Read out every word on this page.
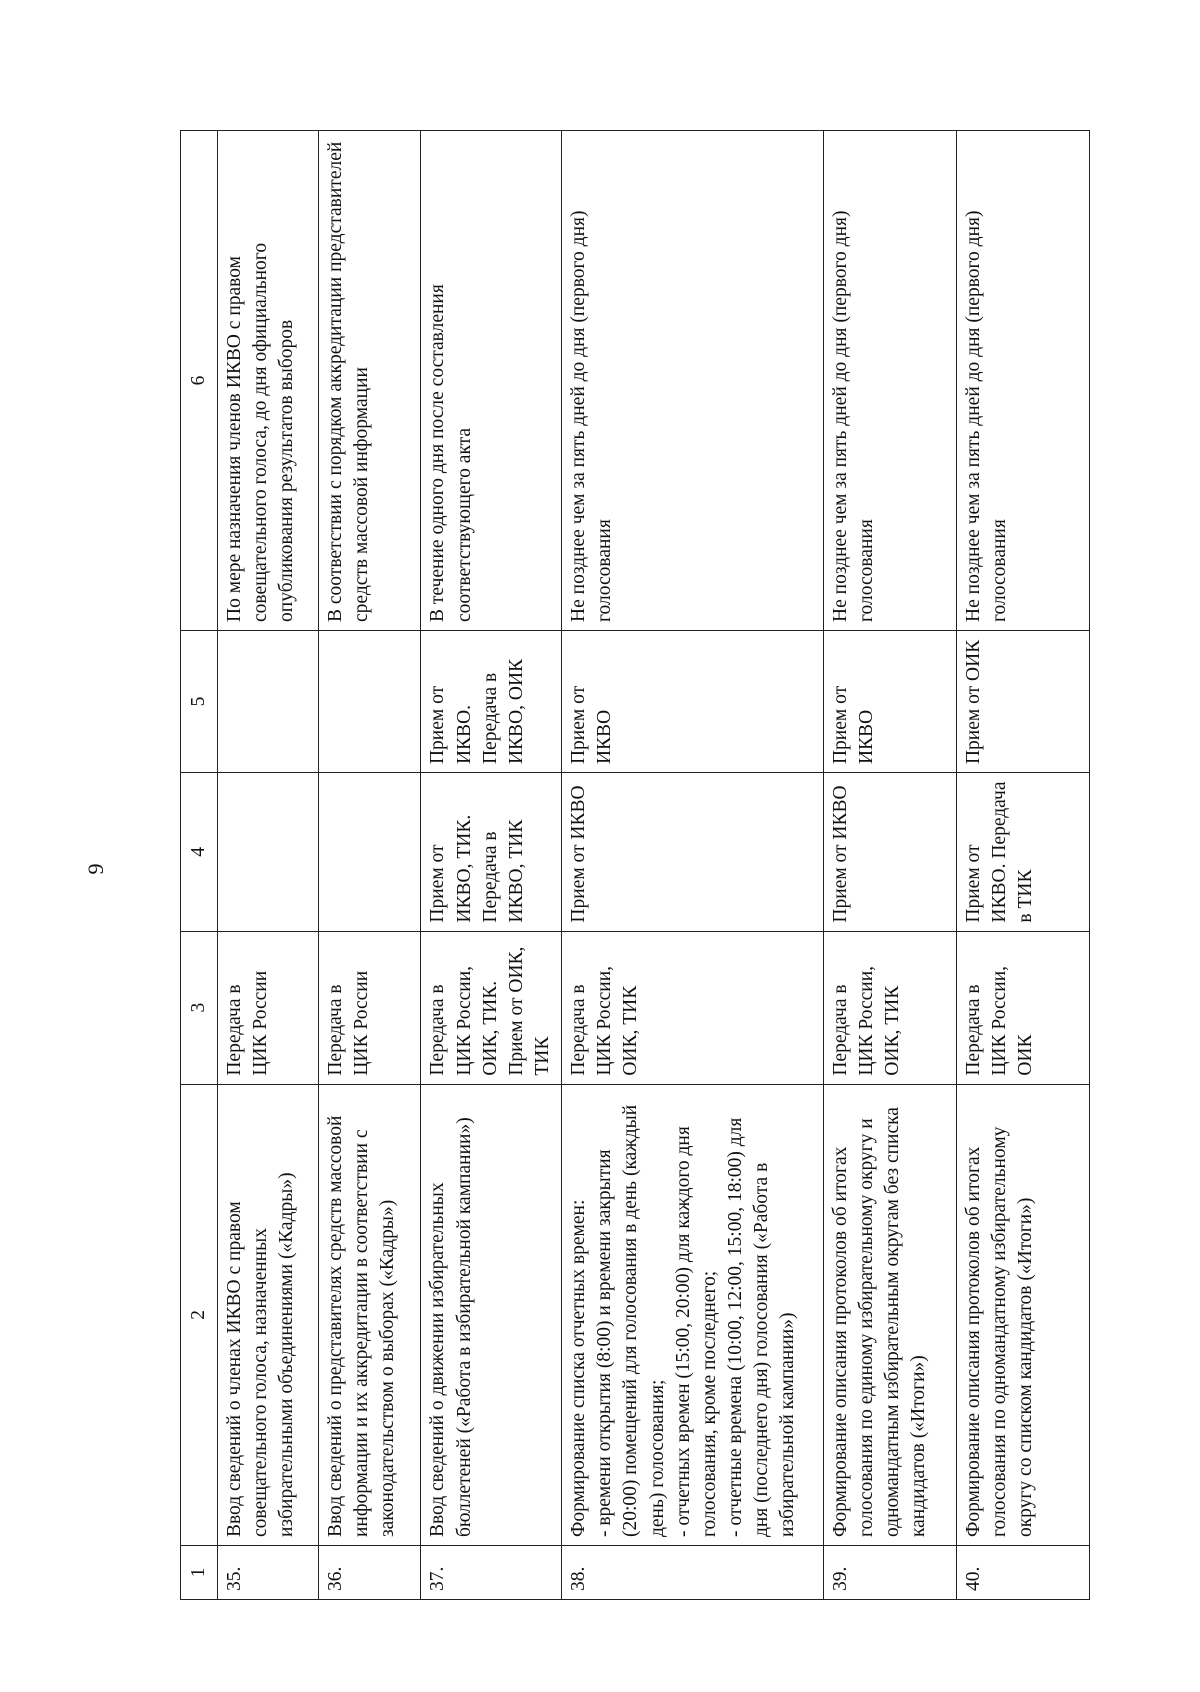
9
1	2	3	4	5	6
35.	Ввод сведений о членах ИКВО с правом совещательного голоса, назначенных избирательными объединениями («Кадры»)	Передача в ЦИК России			По мере назначения членов ИКВО с правом совещательного голоса, до дня официального опубликования результатов выборов
36.	Ввод сведений о представителях средств массовой информации и их аккредитации в соответствии с законодательством о выборах («Кадры»)	Передача в ЦИК России			В соответствии с порядком аккредитации представителей средств массовой информации
37.	Ввод сведений о движении избирательных бюллетеней («Работа в избирательной кампании»)	Передача в ЦИК России, ОИК, ТИК. Прием от ОИК, ТИК	Прием от ИКВО, ТИК. Передача в ИКВО, ТИК	Прием от ИКВО. Передача в ИКВО, ОИК	В течение одного дня после составления соответствующего акта
38.	Формирование списка отчетных времен:
- времени открытия (8:00) и времени закрытия (20:00) помещений для голосования в день (каждый день) голосования;
- отчетных времен (15:00, 20:00) для каждого дня голосования, кроме последнего;
- отчетные времена (10:00, 12:00, 15:00, 18:00) для дня (последнего дня) голосования («Работа в избирательной кампании»)	Передача в ЦИК России, ОИК, ТИК	Прием от ИКВО	Прием от ИКВО	Не позднее чем за пять дней до дня (первого дня) голосования
39.	Формирование описания протоколов об итогах голосования по единому избирательному округу и одномандатным избирательным округам без списка кандидатов («Итоги»)	Передача в ЦИК России, ОИК, ТИК	Прием от ИКВО	Прием от ИКВО	Не позднее чем за пять дней до дня (первого дня) голосования
40.	Формирование описания протоколов об итогах голосования по одномандатному избирательному округу со списком кандидатов («Итоги»)	Передача в ЦИК России, ОИК	Прием от ИКВО. Передача в ТИК	Прием от ОИК	Не позднее чем за пять дней до дня (первого дня) голосования
